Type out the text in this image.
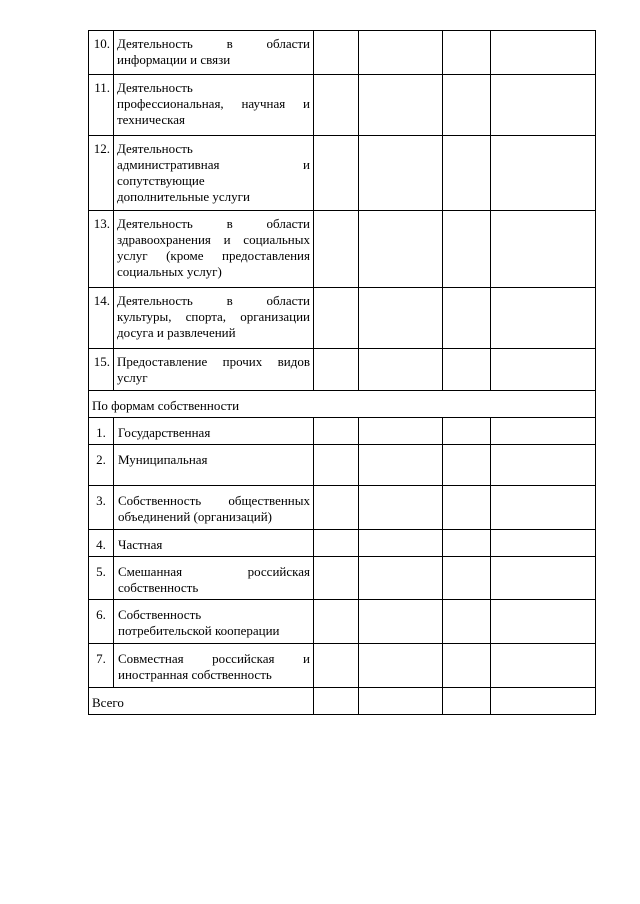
10.	Деятельность в области
информации и связи				

11.	Деятельность
профессиональная, научная и
техническая				

12.	Деятельность
административная и
сопутствующие
дополнительные услуги				

13.	Деятельность в области
здравоохранения и социальных
услуг (кроме предоставления
социальных услуг)				

14.	Деятельность в области
культуры, спорта, организации
досуга и развлечений				

15.	Предоставление прочих видов
услуг				

По формам собственности					
1.	Государственная				

2.	Муниципальная				

3.	Собственность общественных
объединений (организаций)				

4.	Частная				

5.	Смешанная российская
собственность				

6.	Собственность
потребительской кооперации				

7.	Совместная российская и
иностранная собственность				

Всего					
